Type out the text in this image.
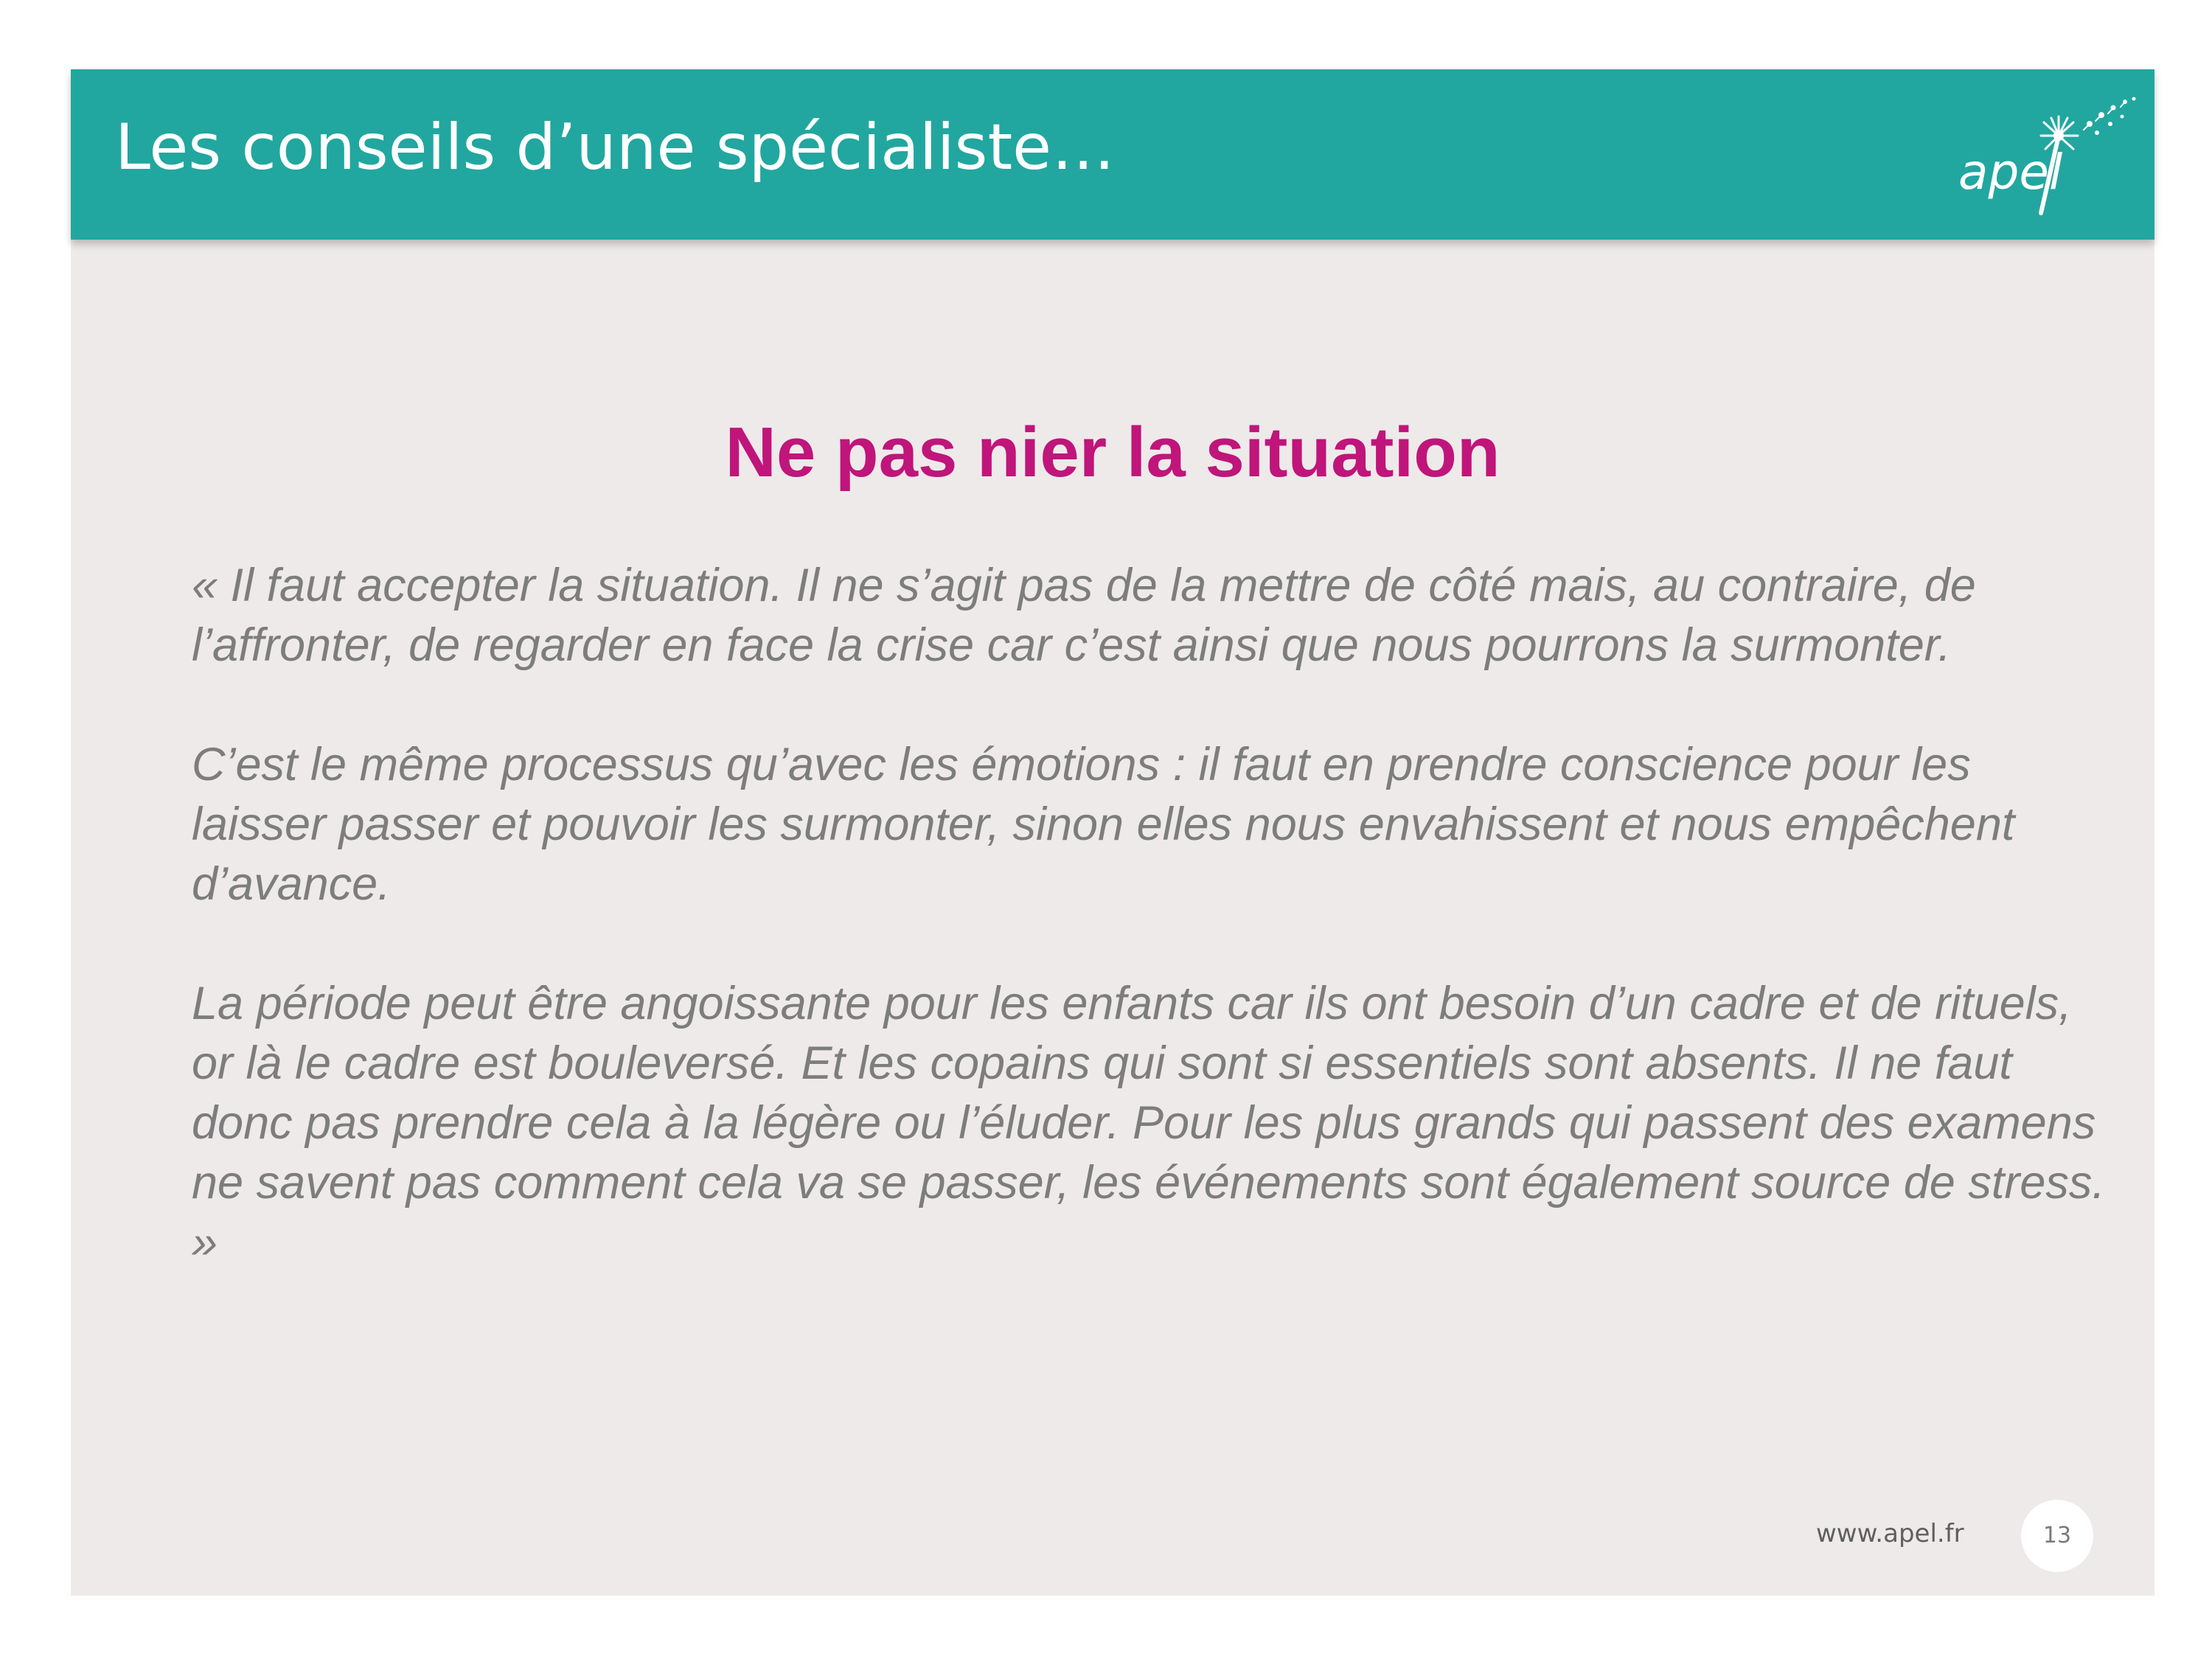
Les conseils d’une spécialiste…	apel
Ne pas nier la situation

« Il faut accepter la situation. Il ne s’agit pas de la mettre de côté mais, au contraire, de l’affronter, de regarder en face la crise car c’est ainsi que nous pourrons la surmonter.

C’est le même processus qu’avec les émotions : il faut en prendre conscience pour les laisser passer et pouvoir les surmonter, sinon elles nous envahissent et nous empêchent d’avance.

La période peut être angoissante pour les enfants car ils ont besoin d’un cadre et de rituels, or là le cadre est bouleversé. Et les copains qui sont si essentiels sont absents. Il ne faut donc pas prendre cela à la légère ou l’éluder. Pour les plus grands qui passent des examens ne savent pas comment cela va se passer, les événements sont également source de stress. »

www.apel.fr	13
